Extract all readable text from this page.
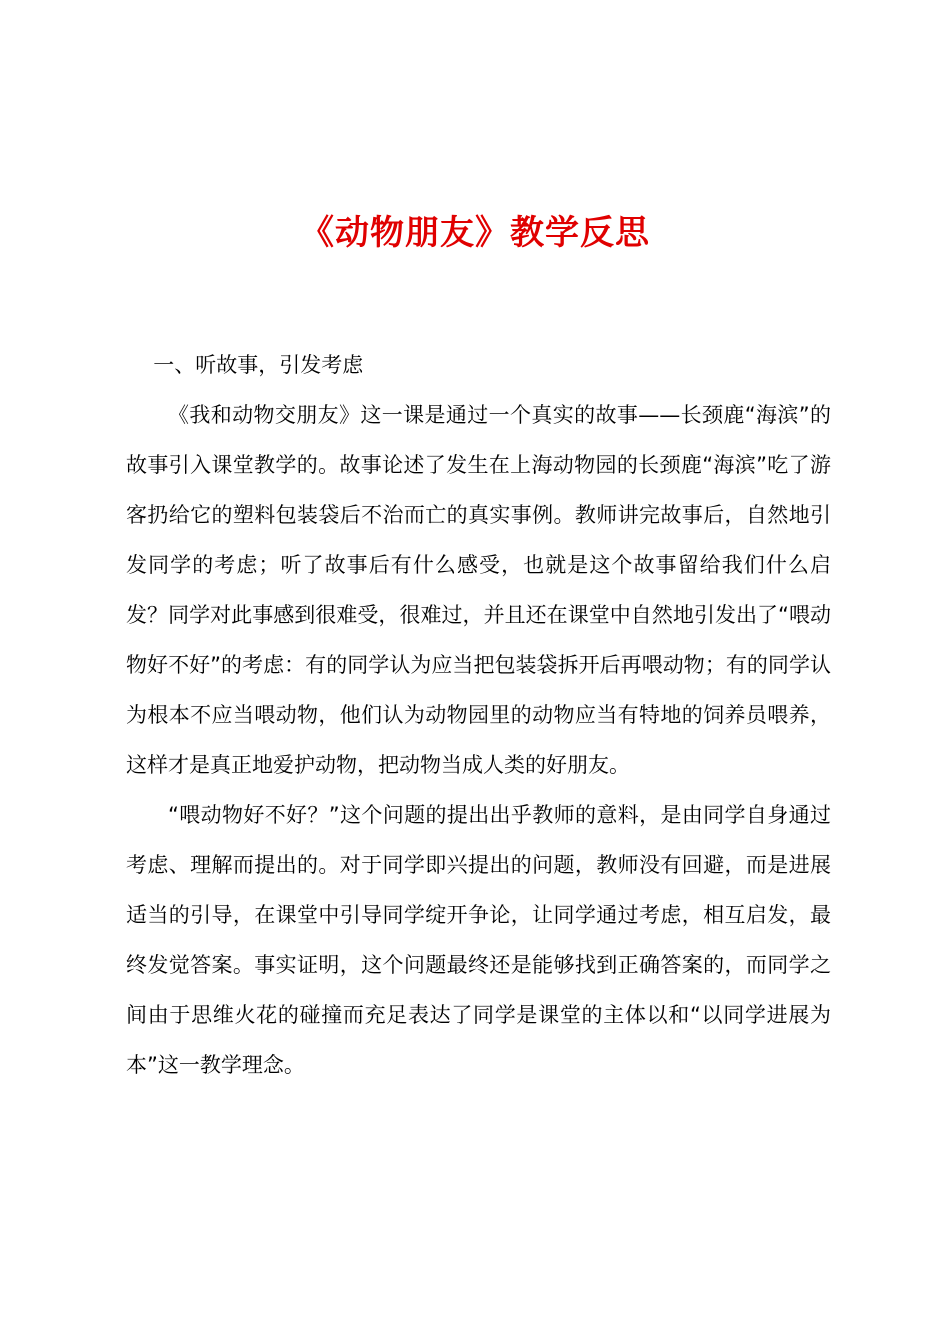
《动物朋友》教学反思

一、听故事，引发考虑

《我和动物交朋友》这一课是通过一个真实的故事——长颈鹿“海滨”的故事引入课堂教学的。故事论述了发生在上海动物园的长颈鹿“海滨”吃了游客扔给它的塑料包装袋后不治而亡的真实事例。教师讲完故事后，自然地引发同学的考虑；听了故事后有什么感受，也就是这个故事留给我们什么启发？同学对此事感到很难受，很难过，并且还在课堂中自然地引发出了“喂动物好不好”的考虑：有的同学认为应当把包装袋拆开后再喂动物；有的同学认为根本不应当喂动物，他们认为动物园里的动物应当有特地的饲养员喂养，这样才是真正地爱护动物，把动物当成人类的好朋友。

“喂动物好不好？”这个问题的提出出乎教师的意料，是由同学自身通过考虑、理解而提出的。对于同学即兴提出的问题，教师没有回避，而是进展适当的引导，在课堂中引导同学绽开争论，让同学通过考虑，相互启发，最终发觉答案。事实证明，这个问题最终还是能够找到正确答案的，而同学之间由于思维火花的碰撞而充足表达了同学是课堂的主体以和“以同学进展为本”这一教学理念。
